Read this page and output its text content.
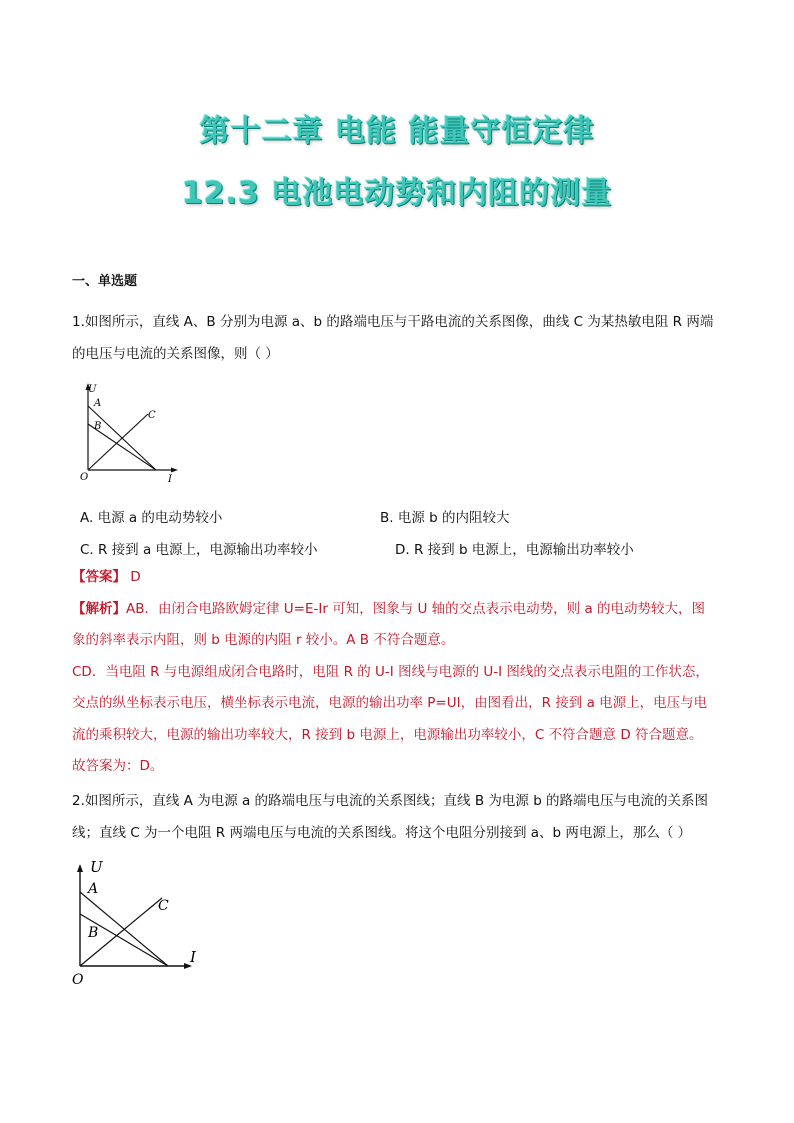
第十二章 电能 能量守恒定律
12.3 电池电动势和内阻的测量
一、单选题
1.如图所示，直线 A、B 分别为电源 a、b 的路端电压与干路电流的关系图像，曲线 C 为某热敏电阻 R 两端
的电压与电流的关系图像，则（ ）
U
A
B
C
O	I
A. 电源 a 的电动势较小	B. 电源 b 的内阻较大
C. R 接到 a 电源上，电源输出功率较小	D. R 接到 b 电源上，电源输出功率较小
【答案】 D
【解析】AB．由闭合电路欧姆定律 U=E-Ir 可知，图象与 U 轴的交点表示电动势，则 a 的电动势较大，图
象的斜率表示内阻，则 b 电源的内阻 r 较小。A B 不符合题意。
CD．当电阻 R 与电源组成闭合电路时，电阻 R 的 U-I 图线与电源的 U-I 图线的交点表示电阻的工作状态，
交点的纵坐标表示电压，横坐标表示电流，电源的输出功率 P=UI，由图看出，R 接到 a 电源上，电压与电
流的乘积较大，电源的输出功率较大，R 接到 b 电源上，电源输出功率较小，C 不符合题意 D 符合题意。
故答案为：D。
2.如图所示，直线 A 为电源 a 的路端电压与电流的关系图线；直线 B 为电源 b 的路端电压与电流的关系图
线；直线 C 为一个电阻 R 两端电压与电流的关系图线。将这个电阻分别接到 a、b 两电源上，那么（ ）
U
A
B
C
O
I
